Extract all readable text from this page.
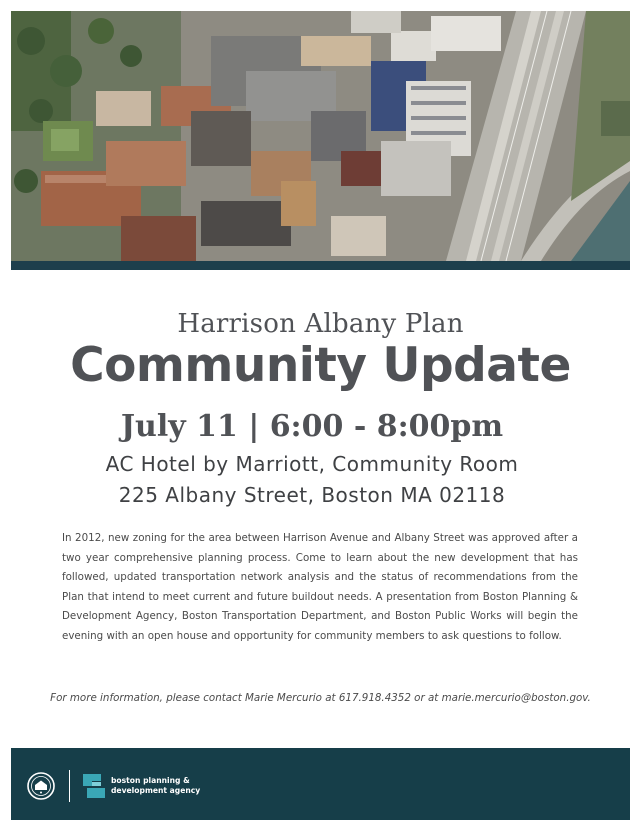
Harrison Albany Plan
Community Update
July 11 | 6:00 - 8:00pm
AC Hotel by Marriott, Community Room
225 Albany Street, Boston MA 02118
In 2012, new zoning for the area between Harrison Avenue and Albany Street was approved after a two year comprehensive planning process. Come to learn about the new development that has followed, updated transportation network analysis and the status of recommendations from the Plan that intend to meet current and future buildout needs. A presentation from Boston Planning & Development Agency, Boston Transportation Department, and Boston Public Works will begin the evening with an open house and opportunity for community members to ask questions to follow.
For more information, please contact Marie Mercurio at 617.918.4352 or at marie.mercurio@boston.gov.
boston planning &
development agency
